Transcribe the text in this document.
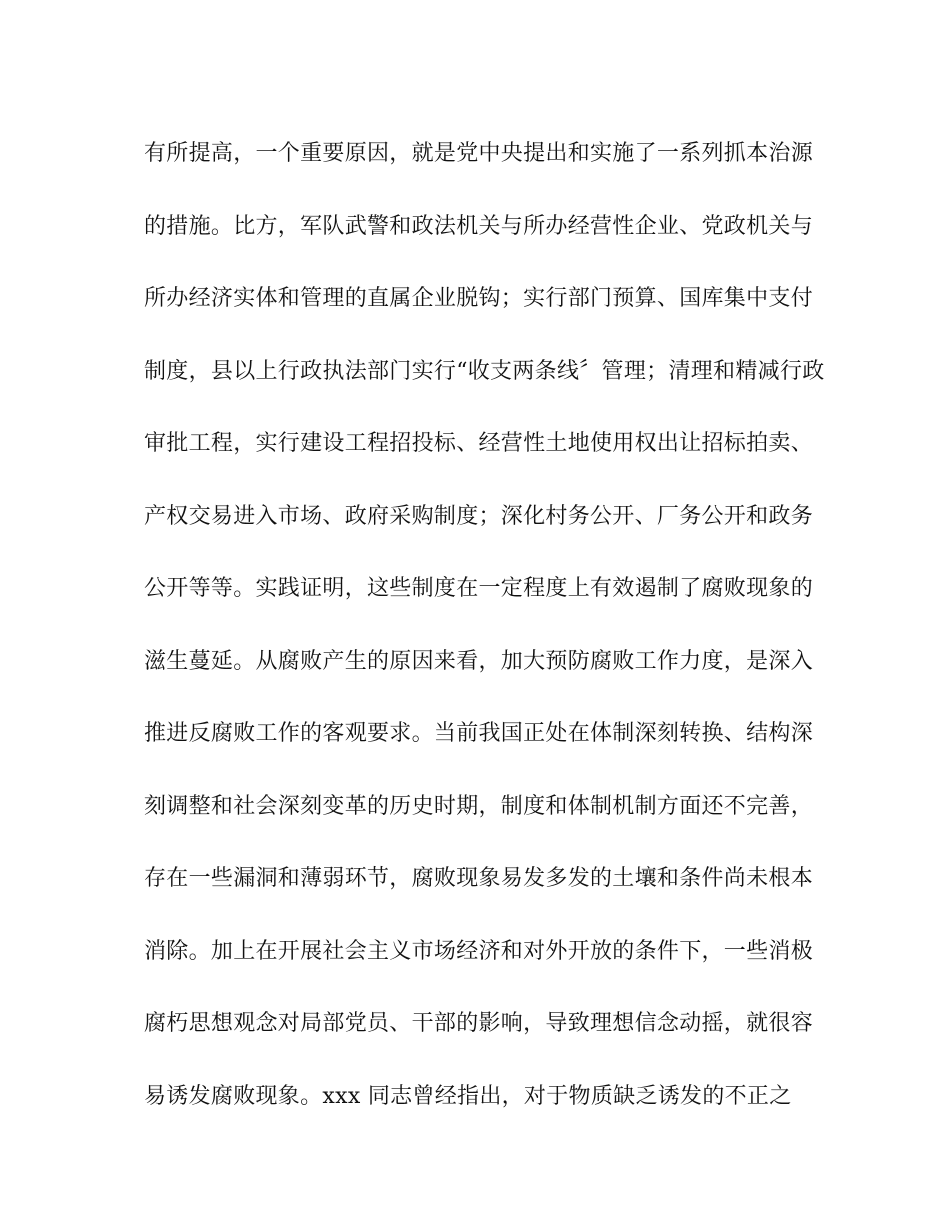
有所提高，一个重要原因，就是党中央提出和实施了一系列抓本治源
的措施。比方，军队武警和政法机关与所办经营性企业、党政机关与
所办经济实体和管理的直属企业脱钩；实行部门预算、国库集中支付
制度，县以上行政执法部门实行“收支两条线〞管理；清理和精减行政
审批工程，实行建设工程招投标、经营性土地使用权出让招标拍卖、
产权交易进入市场、政府采购制度；深化村务公开、厂务公开和政务
公开等等。实践证明，这些制度在一定程度上有效遏制了腐败现象的
滋生蔓延。从腐败产生的原因来看，加大预防腐败工作力度，是深入
推进反腐败工作的客观要求。当前我国正处在体制深刻转换、结构深
刻调整和社会深刻变革的历史时期，制度和体制机制方面还不完善，
存在一些漏洞和薄弱环节，腐败现象易发多发的土壤和条件尚未根本
消除。加上在开展社会主义市场经济和对外开放的条件下，一些消极
腐朽思想观念对局部党员、干部的影响，导致理想信念动摇，就很容
易诱发腐败现象。xxx 同志曾经指出，对于物质缺乏诱发的不正之
